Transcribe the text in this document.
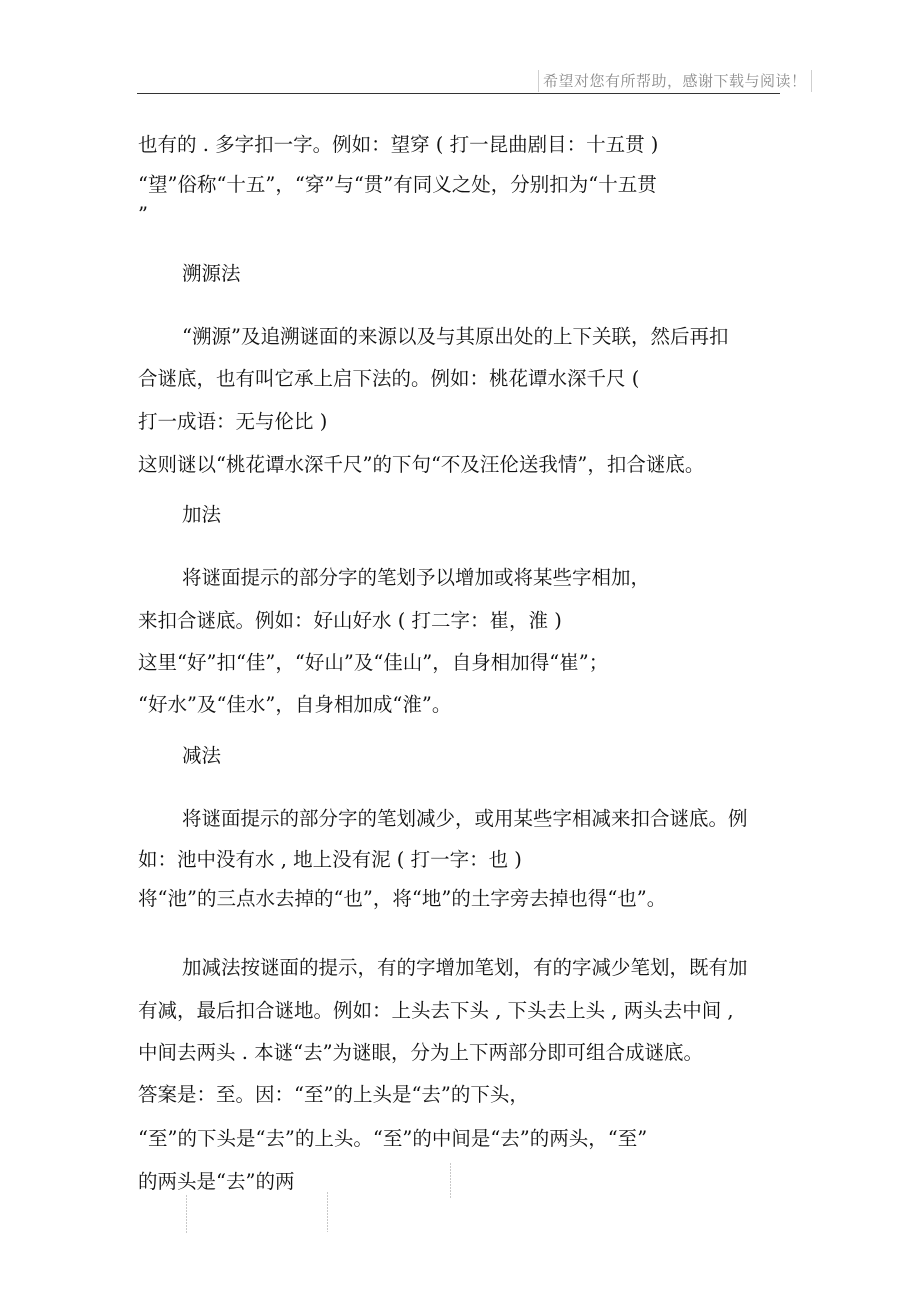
希望对您有所帮助，感谢下载与阅读！
也有的 . 多字扣一字。例如：望穿 ( 打一昆曲剧目：十五贯 )
“望”俗称“十五”，“穿”与“贯”有同义之处，分别扣为“十五贯
”
溯源法
“溯源”及追溯谜面的来源以及与其原出处的上下关联，然后再扣
合谜底，也有叫它承上启下法的。例如：桃花谭水深千尺 (
打一成语：无与伦比 )
这则谜以“桃花谭水深千尺”的下句“不及汪伦送我情”，扣合谜底。
加法
将谜面提示的部分字的笔划予以增加或将某些字相加，
来扣合谜底。例如：好山好水 ( 打二字：崔，淮 )
这里“好”扣“佳”，“好山”及“佳山”，自身相加得“崔”；
“好水”及“佳水”，自身相加成“淮”。
减法
将谜面提示的部分字的笔划减少，或用某些字相减来扣合谜底。例
如：池中没有水 , 地上没有泥 ( 打一字：也 )
将“池”的三点水去掉的“也”，将“地”的土字旁去掉也得“也”。
加减法按谜面的提示，有的字增加笔划，有的字减少笔划，既有加
有减，最后扣合谜地。例如：上头去下头 , 下头去上头 , 两头去中间 ,
中间去两头 . 本谜“去”为谜眼，分为上下两部分即可组合成谜底。
答案是：至。因：“至”的上头是“去”的下头，
“至”的下头是“去”的上头。“至”的中间是“去”的两头，“至”
的两头是“去”的两
